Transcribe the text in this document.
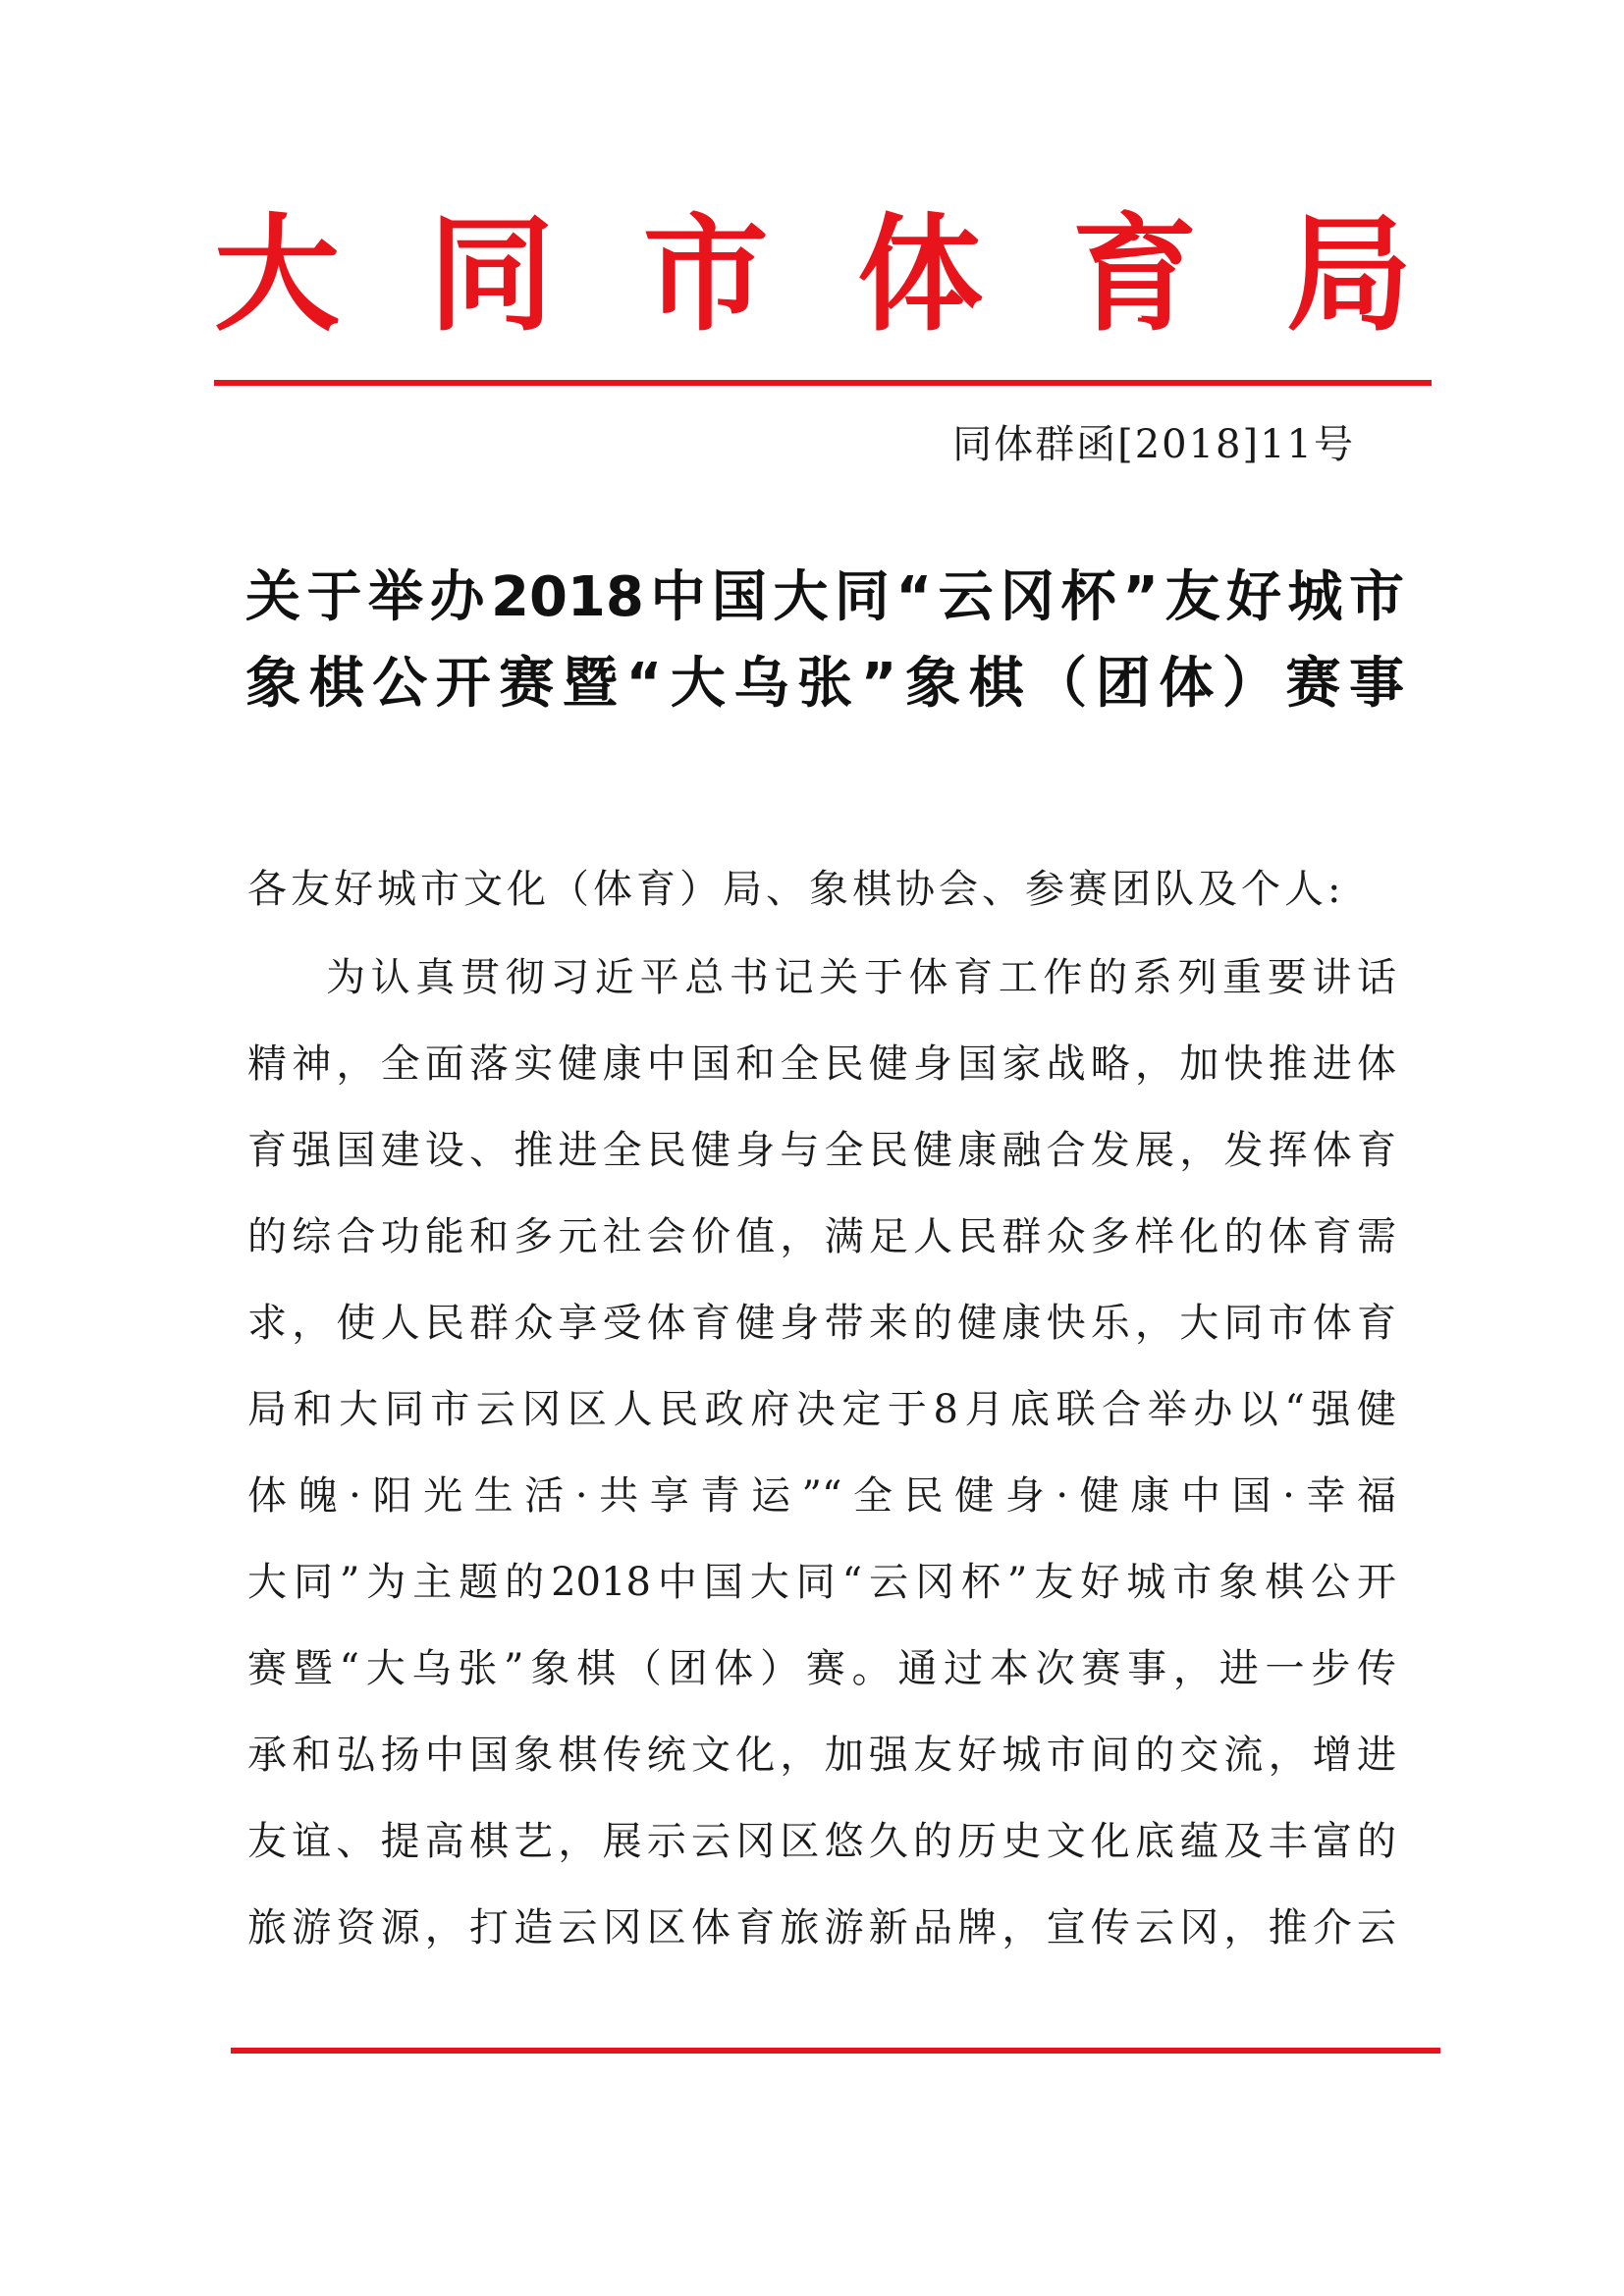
大 同 市 体 育 局
同体群函[2018]11号
关于举办2018中国大同“云冈杯”友好城市
象棋公开赛暨“大乌张”象棋（团体）赛事
各友好城市文化（体育）局、象棋协会、参赛团队及个人:
为认真贯彻习近平总书记关于体育工作的系列重要讲话
精神，全面落实健康中国和全民健身国家战略，加快推进体
育强国建设、推进全民健身与全民健康融合发展，发挥体育
的综合功能和多元社会价值，满足人民群众多样化的体育需
求，使人民群众享受体育健身带来的健康快乐，大同市体育
局和大同市云冈区人民政府决定于8月底联合举办以“强健
体魄·阳光生活·共享青运”“全民健身·健康中国·幸福
大同”为主题的2018中国大同“云冈杯”友好城市象棋公开
赛暨“大乌张”象棋（团体）赛。通过本次赛事，进一步传
承和弘扬中国象棋传统文化，加强友好城市间的交流，增进
友谊、提高棋艺，展示云冈区悠久的历史文化底蕴及丰富的
旅游资源，打造云冈区体育旅游新品牌，宣传云冈，推介云
